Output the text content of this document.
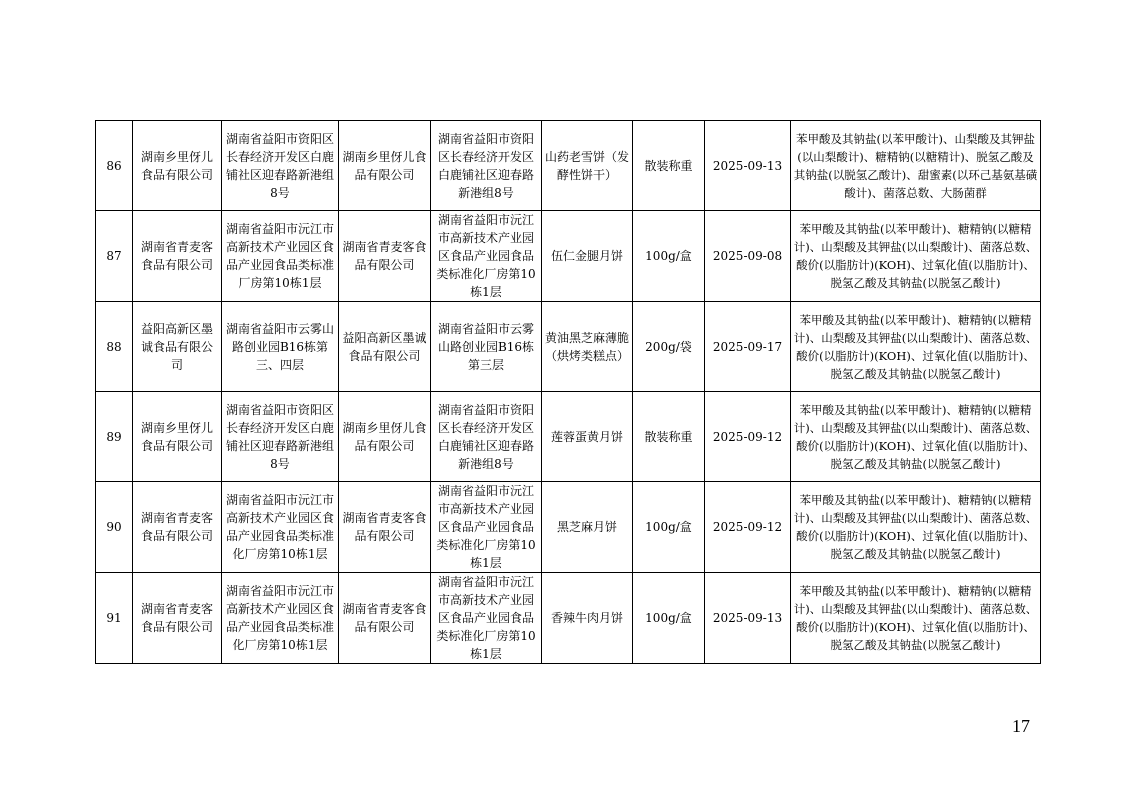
86	湖南乡里伢儿食品有限公司	湖南省益阳市资阳区长春经济开发区白鹿铺社区迎春路新港组8号	湖南乡里伢儿食品有限公司	湖南省益阳市资阳区长春经济开发区白鹿铺社区迎春路新港组8号	山药老雪饼（发酵性饼干）	散装称重	2025-09-13	苯甲酸及其钠盐(以苯甲酸计)、山梨酸及其钾盐(以山梨酸计)、糖精钠(以糖精计)、脱氢乙酸及其钠盐(以脱氢乙酸计)、甜蜜素(以环己基氨基磺酸计)、菌落总数、大肠菌群
87	湖南省青麦客食品有限公司	湖南省益阳市沅江市高新技术产业园区食品产业园食品类标准厂房第10栋1层	湖南省青麦客食品有限公司	湖南省益阳市沅江市高新技术产业园区食品产业园食品类标准化厂房第10栋1层	伍仁金腿月饼	100g/盒	2025-09-08	苯甲酸及其钠盐(以苯甲酸计)、糖精钠(以糖精计)、山梨酸及其钾盐(以山梨酸计)、菌落总数、酸价(以脂肪计)(KOH)、过氧化值(以脂肪计)、脱氢乙酸及其钠盐(以脱氢乙酸计)
88	益阳高新区墨诚食品有限公司	湖南省益阳市云雾山路创业园B16栋第三、四层	益阳高新区墨诚食品有限公司	湖南省益阳市云雾山路创业园B16栋第三层	黄油黑芝麻薄脆（烘烤类糕点）	200g/袋	2025-09-17	苯甲酸及其钠盐(以苯甲酸计)、糖精钠(以糖精计)、山梨酸及其钾盐(以山梨酸计)、菌落总数、酸价(以脂肪计)(KOH)、过氧化值(以脂肪计)、脱氢乙酸及其钠盐(以脱氢乙酸计)
89	湖南乡里伢儿食品有限公司	湖南省益阳市资阳区长春经济开发区白鹿铺社区迎春路新港组8号	湖南乡里伢儿食品有限公司	湖南省益阳市资阳区长春经济开发区白鹿铺社区迎春路新港组8号	莲蓉蛋黄月饼	散装称重	2025-09-12	苯甲酸及其钠盐(以苯甲酸计)、糖精钠(以糖精计)、山梨酸及其钾盐(以山梨酸计)、菌落总数、酸价(以脂肪计)(KOH)、过氧化值(以脂肪计)、脱氢乙酸及其钠盐(以脱氢乙酸计)
90	湖南省青麦客食品有限公司	湖南省益阳市沅江市高新技术产业园区食品产业园食品类标准化厂房第10栋1层	湖南省青麦客食品有限公司	湖南省益阳市沅江市高新技术产业园区食品产业园食品类标准化厂房第10栋1层	黑芝麻月饼	100g/盒	2025-09-12	苯甲酸及其钠盐(以苯甲酸计)、糖精钠(以糖精计)、山梨酸及其钾盐(以山梨酸计)、菌落总数、酸价(以脂肪计)(KOH)、过氧化值(以脂肪计)、脱氢乙酸及其钠盐(以脱氢乙酸计)
91	湖南省青麦客食品有限公司	湖南省益阳市沅江市高新技术产业园区食品产业园食品类标准化厂房第10栋1层	湖南省青麦客食品有限公司	湖南省益阳市沅江市高新技术产业园区食品产业园食品类标准化厂房第10栋1层	香辣牛肉月饼	100g/盒	2025-09-13	苯甲酸及其钠盐(以苯甲酸计)、糖精钠(以糖精计)、山梨酸及其钾盐(以山梨酸计)、菌落总数、酸价(以脂肪计)(KOH)、过氧化值(以脂肪计)、脱氢乙酸及其钠盐(以脱氢乙酸计)
17
